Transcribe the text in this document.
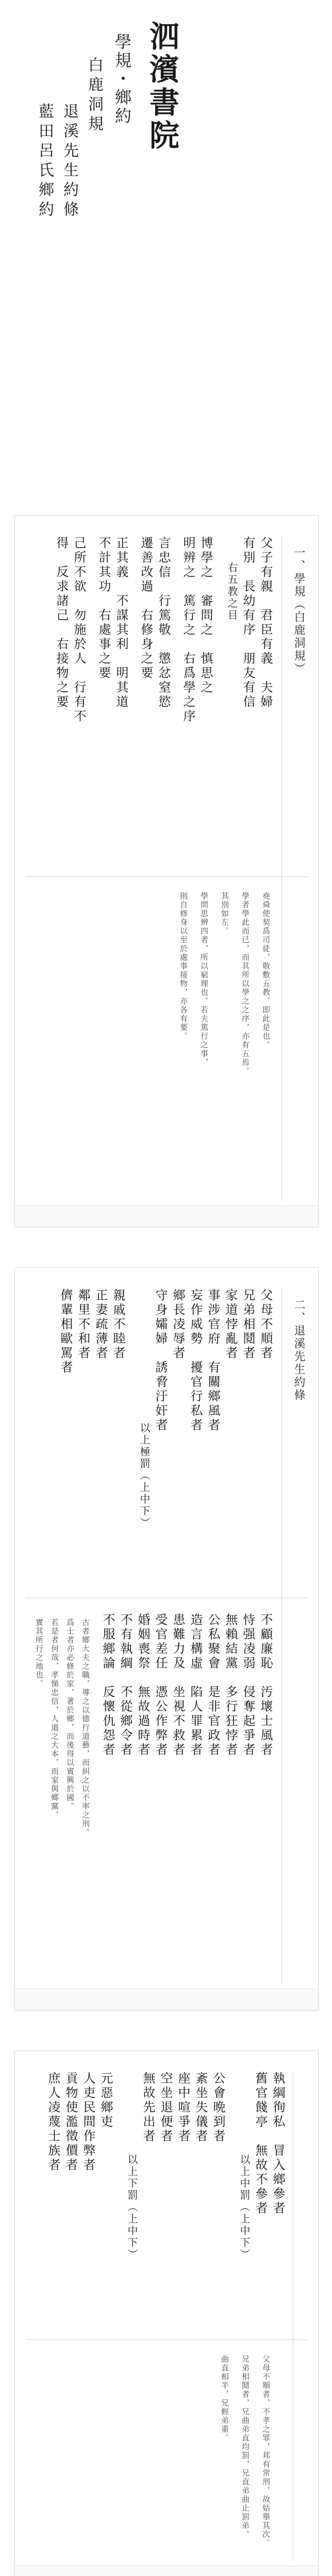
泗濱書院
學規・鄉約
白鹿洞規
退溪先生約條
藍田呂氏鄉約
一、學規（白鹿洞規）
父子有親　君臣有義　夫婦
有別　長幼有序　朋友有信
右五教之目
博學之　審問之　慎思之
明辨之　篤行之　右爲學之序
言忠信　行篤敬　懲忿窒慾
遷善改過　右修身之要
正其義　不謀其利　明其道
不計其功　右處事之要
己所不欲　勿施於人　行有不
得　反求諸己　右接物之要
堯舜使契爲司徒，敬敷五教，即此是也。
學者學此而已，而其所以學之之序，亦有五焉。
其別如左。
學問思辨四者，所以窮理也。若夫篤行之事，
則自修身以至於處事接物，亦各有要。
二、退溪先生約條
父母不順者
兄弟相鬩者
家道悖亂者
事涉官府　有關鄉風者
妄作威勢　擾官行私者
鄉長凌辱者
守身孀婦　誘脅汙奸者
以上極罰（上中下）
親戚不睦者
正妻疏薄者
鄰里不和者
儕輩相歐罵者
不顧廉恥　汚壞士風者
恃强凌弱　侵奪起爭者
無賴結黨　多行狂悖者
公私聚會　是非官政者
造言構虛　陷人罪累者
患難力及　坐視不救者
受官差任　憑公作弊者
婚姻喪祭　無故過時者
不有執綱　不從鄉令者
不服鄉論　反懷仇怨者
古者鄉大夫之職，導之以德行道藝，而糾之以不率之刑。
爲士者亦必修於家，著於鄉，而後得以賓興於國。
若是者何哉，孝悌忠信，人道之大本，而家與鄉黨，
實其所行之地也。
執綱徇私　冒入鄉參者
舊官餞亭　無故不參者
以上中罰（上中下）
公會晩到者
紊坐失儀者
座中喧爭者
空坐退便者
無故先出者
以上下罰（上中下）
元惡鄉吏
人吏民間作弊者
貢物使濫徵價者
庶人凌蔑士族者
父母不順者，不孝之罪，邦有常刑，故姑舉其次。
兄弟相鬩者，兄曲弟直均罰，兄直弟曲止罰弟。
曲直相半，兄輕弟重。
